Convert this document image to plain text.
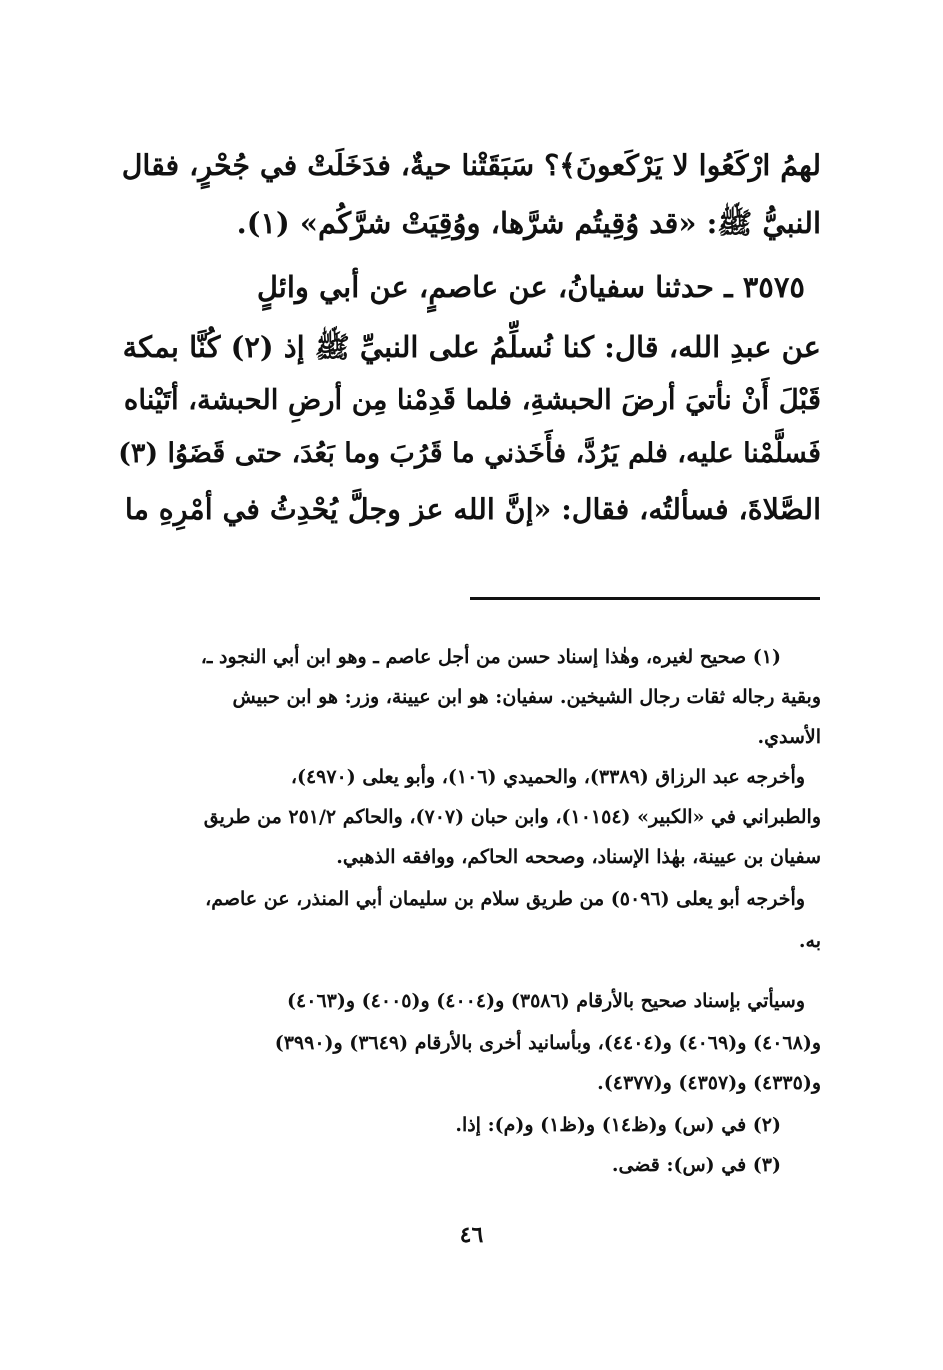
لهمُ ارْكَعُوا لا يَرْكَعونَ﴾؟ سَبَقَتْنا حيةٌ، فدَخَلَتْ في جُحْرٍ، فقال
النبيُّ ﷺ: «قد وُقِيتُم شرَّها، ووُقِيَتْ شرَّكُم» (١).
٣٥٧٥ ـ حدثنا سفيانُ، عن عاصمٍ، عن أبي وائلٍ
عن عبدِ الله، قال: كنا نُسلِّمُ على النبيِّ ﷺ إذ (٢) كُنَّا بمكة
قَبْلَ أَنْ نأتيَ أرضَ الحبشةِ، فلما قَدِمْنا مِن أرضِ الحبشة، أتَيْناه
فَسلَّمْنا عليه، فلم يَرُدَّ، فأَخَذني ما قَرُبَ وما بَعُدَ، حتى قَضَوُا (٣)
الصَّلاةَ، فسألتُه، فقال: «إنَّ الله عز وجلَّ يُحْدِثُ في أمْرِهِ ما
(١) صحيح لغيره، وهٰذا إسناد حسن من أجل عاصم ـ وهو ابن أبي النجود ـ،
وبقية رجاله ثقات رجال الشيخين. سفيان: هو ابن عيينة، وزر: هو ابن حبيش
الأسدي.
وأخرجه عبد الرزاق (٣٣٨٩)، والحميدي (١٠٦)، وأبو يعلى (٤٩٧٠)،
والطبراني في «الكبير» (١٠١٥٤)، وابن حبان (٧٠٧)، والحاكم ٢٥١/٢ من طريق
سفيان بن عيينة، بهٰذا الإسناد، وصححه الحاكم، ووافقه الذهبي.
وأخرجه أبو يعلى (٥٠٩٦) من طريق سلام بن سليمان أبي المنذر، عن عاصم،
به.
وسيأتي بإسناد صحيح بالأرقام (٣٥٨٦) و(٤٠٠٤) و(٤٠٠٥) و(٤٠٦٣)
و(٤٠٦٨) و(٤٠٦٩) و(٤٤٠٤)، وبأسانيد أخرى بالأرقام (٣٦٤٩) و(٣٩٩٠)
و(٤٣٣٥) و(٤٣٥٧) و(٤٣٧٧).
(٢) في (س) و(ظ١٤) و(ظ١) و(م): إذا.
(٣) في (س): قضى.
٤٦
